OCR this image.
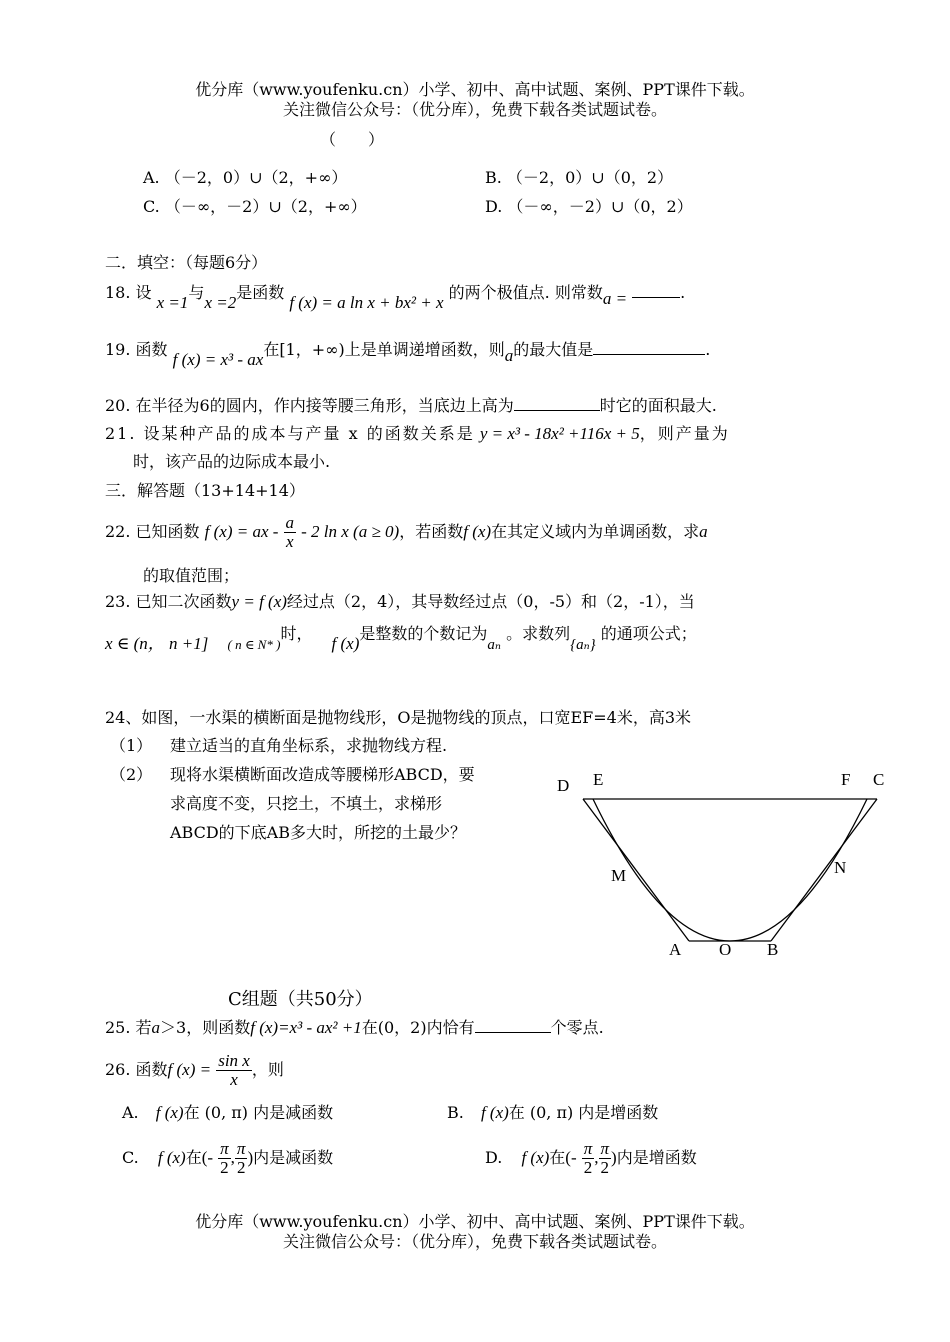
优分库（www.youfenku.cn）小学、初中、高中试题、案例、PPT课件下载。
关注微信公众号：（优分库），免费下载各类试题试卷。
（　　）
A. （－2，0）∪（2，+∞）	B. （－2，0）∪（0，2）
C. （－∞，－2）∪（2，+∞）	D. （－∞，－2）∪（0，2）
二．填空：（每题6分）
18. 设 x =1与x =2是函数 f (x) = a ln x + bx² + x 的两个极值点. 则常数a =	.
19. 函数 f (x) = x³ - ax在[1，+∞)上是单调递增函数，则a的最大值是	.
20. 在半径为6的圆内，作内接等腰三角形，当底边上高为	时它的面积最大.
21. 设某种产品的成本与产量 x 的函数关系是 y = x³ - 18x² +116x + 5，则产量为
时，该产品的边际成本最小.
三．解答题（13+14+14）
22. 已知函数 f (x) = ax - $\frac{a}{x} - 2$ ln x (a ≥ 0)，若函数f (x)在其定义域内为单调函数，求a
的取值范围；
23. 已知二次函数y = f (x)经过点（2，4），其导数经过点（0，-5）和（2，-1），当
x ∈ (n， n +1] $_{( n \in N* )}$时， f (x)是整数的个数记为aₙ 。求数列{aₙ} 的通项公式；
24、如图，一水渠的横断面是抛物线形，O是抛物线的顶点，口宽EF=4米，高3米
（1） 建立适当的直角坐标系，求抛物线方程.
（2） 现将水渠横断面改造成等腰梯形ABCD，要
求高度不变，只挖土，不填土，求梯形
ABCD的下底AB多大时，所挖的土最少？
D E	F C
M	N
A O B
C组题（共50分）
25. 若a＞3，则函数f (x)=x³ - ax² +1在(0，2)内恰有	个零点.
26. 函数f $(x) = \frac{\text{sin x}}{x}$ ，则
A. f (x)在 (0, π) 内是减函数	B. f (x)在 (0, π) 内是增函数
C. f (x)在(- $\frac{\pi}{2}$ , $\frac{\pi}{2}$ )内是减函数	D. f (x)在(- $\frac{\pi}{2}$ , $\frac{\pi}{2}$ )内是增函数
优分库（www.youfenku.cn）小学、初中、高中试题、案例、PPT课件下载。
关注微信公众号：（优分库），免费下载各类试题试卷。
